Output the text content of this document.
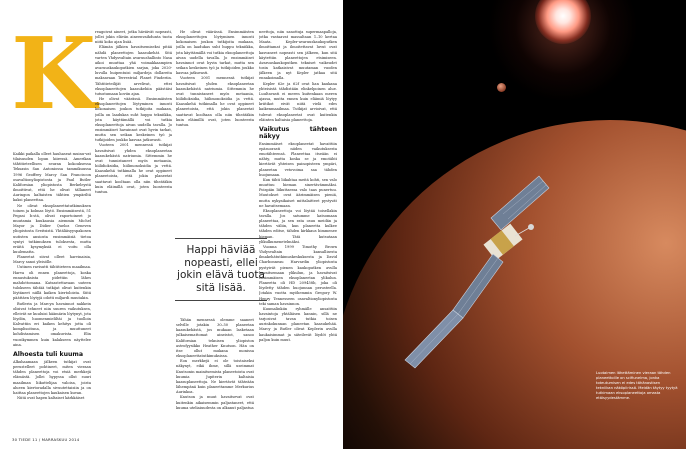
K

Kaikki paikalla olleet hauhaseat muinu-vat tilaisuuden lopun kiiressä. Amerikan tähtitieteellisen seuran kokouksessa Teksasin San Antoniossa tammikuussa 1996 Geoffrey Marcy San Franciscon osavaltionyliopistosta ja Paul Butler Kalifornian yliopistosta Berkeleystä ilmoittivat, että he olivat tällaneet Auringon kaltaisten tähtien ympäriltä kaksi planeettaa.

Ne olivat eksoplaneettatutkimuksen toinen ja kolmas löytö. Ensimmäisestä, 51 Pegasi b:stä, olivat raportoineet jo muutamia kuukausia aiemmin Michel Mayor ja Didier Queloz Geneven yliopistosta Sveitsistä. Yhtäläisyyspakosen uutisten ansiosta ensimmäisiä tietoa syntyi tutkimuksen tuloksesta, mutta eräitä kysymyksiä ei voitu olla kuulematta.

Planeetat siivat olleet harvinaisia, Marcy sanoi yleisölle.

Uutinen ravisutti tähtitieteen maailmaa. Harva oli ennen planeettoja, koska ennustuksista pidettiin lähes mahdottomana. Katsastettavaan uuteen tulokseen tähtää tutkijat olivat kuitenkin löytäneet niillä kaiken kiertoloista. Siitä päättäen löytyjä odotti miljardi muutakin.

Butlerin ja Marcyn havainnot nakkein olisivat tehneet niin suuren vaikutuksen, elleivät ne kuuluisi häämärin löytynyt, jota löydön, huomenmieliltäi ja tuolloin Kalvattiin eri kaiken kehitys jotta oli komplisoituna, ja muuttuneet kohdistamisen omakuvista. Elin vuosikymmen kuin kalakseen näyttelee aina.

Alhoesta tuli kuuma

Alkuhaamaan jälkeen tutkijat ovat perustelleet pohtineet, miten vieraan tähden planeettoja voi etsiä merkkejä elämästä. Jollei hypyssa ollut suuri maailman liikuttelijaa valoisa, joista alueen kiertoradalla sivuutettaisiin ja on haittaa planeettojen kaukaisen kuvan.

Niitä ovat hapen kaltaiset kärkkäiset

reagoivat aineet, jotka häviävät nopeasti, jollei jokin elävän aineenvaihdunta tuota niitä koko ajan lisää.

Elämän jälkien havaitsemiseksi pitää nähdä planeettojen kaasukehät. Sitä varten Yhdysvaltain avaruushallinto Nasa aikoi muuttaa yhä voimakkaampien avaruuskaukoputkien sarjan, joka 2020-luvulla huipentuisi miljardeja dollareita maksavaan Terrestrial Planet Finderiin. Tähtitieteilijät arvelivat, ettei eksoplaneettojen kaasukehiin päästäisi tutustumaan koviin ajan.

He olivat väärässä. Ensimmäisten eksoplaneettojen löytyminen innosti kokonaisen joukon tutkijoita mukaan, joilla on laadukas suht huppu tekniikka, jota käyttämällä voi tutkia eksoplaneettoja aivan uudella tavalla. Jo ensimmäiset havainnot ovat hyvin tarkat, mutta sen seikan keskeinen työ ja tutkijoiden joukko kasvaa jatkuvasti.

Vuoteen 2001 mennessä tutkijat havaitsivat yhden eksoplaneetan kaasukehästä natriumia. Sittemmin he ovat tunnistaneet myös metaania, hiilidioksidia, hiilimonoksidia ja vettä. Kaasukehä tutkimalla he ovat oppineet planeetoista, että jokin planeetat saattavat kooltaan olla niin tiheätäkin kuin eläimillä ovat, joten luonteesta tuntuu.

He olivat väärässä. Ensimmäisten eksoplaneettojen löytyminen innosti kokonaisen joukon tutkijoita mukaan, joilla on laadukas suht huppu tekniikka, jota käyttämällä voi tutkia eksoplaneettoja aivan uudella tavalla. Jo ensimmäiset havainnot ovat hyvin tarkat, mutta sen seikan keskeinen työ ja tutkijoiden joukko kasvaa jatkuvasti.

Vuoteen 2001 mennessä tutkijat havaitsivat yhden eksoplaneetan kaasukehästä natriumia. Sittemmin he ovat tunnistaneet myös metaania, hiilidioksidia, hiilimonoksidia ja vettä. Kaasukehä tutkimalla he ovat oppineet planeetoista, että jokin planeetat saattavat kooltaan olla niin tiheätäkin kuin eläimillä ovat, joten luonteesta tuntuu.

Happi häviää nopeasti, ellei jokin elävä tuota sitä lisää.

Tähän mennessä olemme saaneet selville jotakin 30–50 planeetan kaasukehästä, jos mukaan lasketaan julkaisemattomat aineistot, sanoo Kalifornian teknisen yliopiston astrofyysikko Heather Knutson. Hän on itse ollut mukana monissa eksoplaneettatutkimuksissa.

Eon merkkejä ei ole toistaiseksi näkynyt, eikä ihme, sillä useimmat Knutsonin mainitsemista planeetoista ovat kuumia Jupiterin kaltaisia kaasuplaneettoja. Ne kiertävät tähteään lähempänä kuin planeettamme Merkurius Aurinkoa.

Knutson ja muut havaitsevat ovat kuitenkin aikaisemmin paljastaneet, että kuuma uteliaiuudesta on alkanut paljastua

neettoja, niin sanottuja supermaapalloja, jotka vastaavat massaltaan 1–10 kertaa Maata. Kepler-avaruuskaukoputken ilmoittamat ja ilmoitettavat luvut ovat kasvaneet nopeasti sen jälkeen, kun sitä käytettiin planeettojen etsimiseen. Avaruuskaukoputken tekniset vaikeudet tosin katkaisivat muutaman vuoden jälkeen ja nyt Kepler jatkaa sitä ennakoimalla.

Kepler 62e ja 62f ovat lian kaukana yhteisistä tähdistään elinkelpoinen alue. Luultavasti ei meren kuitenkaan meren ajassa, mutta ennen kuin eläimiä löytyy kriitikot eivät niitä vielä edes kaikenmaailmaa. Tutkijat arvioivat, että tulevat eksoplaneetat ovat kuitenkin eläinten kaltaisia planeettoja.

Vaikutus tähteen näkyy

Ensimmäiset eksoplaneetat havaittiin epäsuorasti niiden vaikutuksesta emotähteensä. Planeettaa itseään ei nähty, mutta koska se ja emotähti kiertävät yhteisen painopisteen ympäri, planeetan vetovoima saa tähden huojumaan.

Kun tähti liikahtaa meitä kohti, sen valo muuttuu hieman sinertävämmäksi. Poispäin liikuttaessa valo taas punertuu. Muutokset ovat äärimmäisen pieniä, mutta nykyaikaiset mittalaitteet pystyvät ne havaitsemaan.

Eksoplaneettoja voi löytää toisellakin tavalla. Jos satumme katsomaan planeettaa, ja sen rata osuu meidän ja tähden väliin, kun planeetta kulkee tähden editse, tähden kirkkaus himmenee hieman. Tätä kutsutaan ylikulkumenetelmäksi.

Vuonna 1999 Timothy Brown Yhdysvaltain kansallisesta ilmakehätutkimuskeskuksesta ja David Charbonneau Harvardin yliopistosta pystyivät pienen kaukoputken avulla havaitsemaan ylikulun, ja havaitsivat ensimmäisen eksoplaneetan ylikulun. Planeetta oli HD 209458b, joka oli löydetty tähden huojunnan perusteella. Jotakin vuotta myöhemmin Gregory W. Henry Tennesseen osavaltionyliopistosta teki saman havainnon.

Kuumalinkiin ryhmälle ansaittiin havaintoja yhtäläisen kannin, sillä ne tarjosivat tavan tutkia toisen aurinkokunnan planeetan kaasukehää. Marcy ja Butler olivat Keplerin avulla kaukaisimmat ja säteilevät löydöt yhtä paljon kuin muut.

30 TIEDE 11 / MARRASKUU 2014
Luotaimen lähettäminen vieraan tähden planeettoille on scifiunelma, jonka toteutumisen ei edes tähänastisen tekniikan näköpiirissä. Meidän täytyy tyytyä tutkimaan eksoplaneettoja omasta etäisyydestämme.
